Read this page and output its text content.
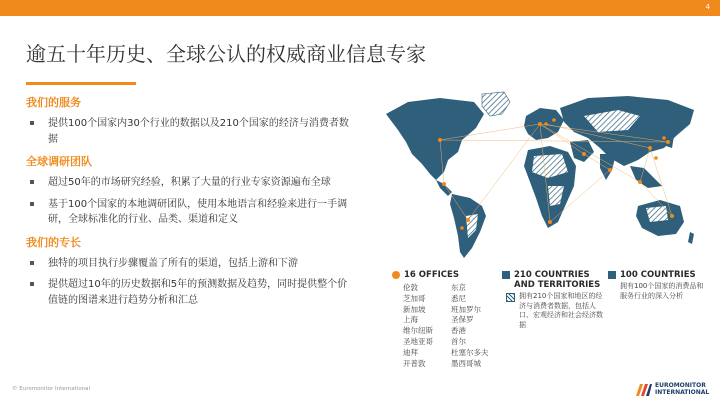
4
逾五十年历史、全球公认的权威商业信息专家
我们的服务
提供100个国家内30个行业的数据以及210个国家的经济与消费者数据
全球调研团队
超过50年的市场研究经验，积累了大量的行业专家资源遍布全球
基于100个国家的本地调研团队，使用本地语言和经验来进行一手调研，全球标准化的行业、品类、渠道和定义
我们的专长
独特的项目执行步骤覆盖了所有的渠道，包括上游和下游
提供超过10年的历史数据和5年的预测数据及趋势，同时提供整个价值链的图谱来进行趋势分析和汇总
16 OFFICES
伦敦	东京
芝加哥	悉尼
新加坡	班加罗尔
上海	圣保罗
维尔纽斯	香港
圣地亚哥	首尔
迪拜	杜塞尔多夫
开普敦	墨西哥城
210 COUNTRIES
AND TERRITORIES
拥有210个国家和地区的经济与消费者数据，包括人口、宏观经济和社会经济数据
100 COUNTRIES
拥有100个国家的消费品和服务行业的深入分析
© Euromonitor International	EUROMONITOR
INTERNATIONAL
